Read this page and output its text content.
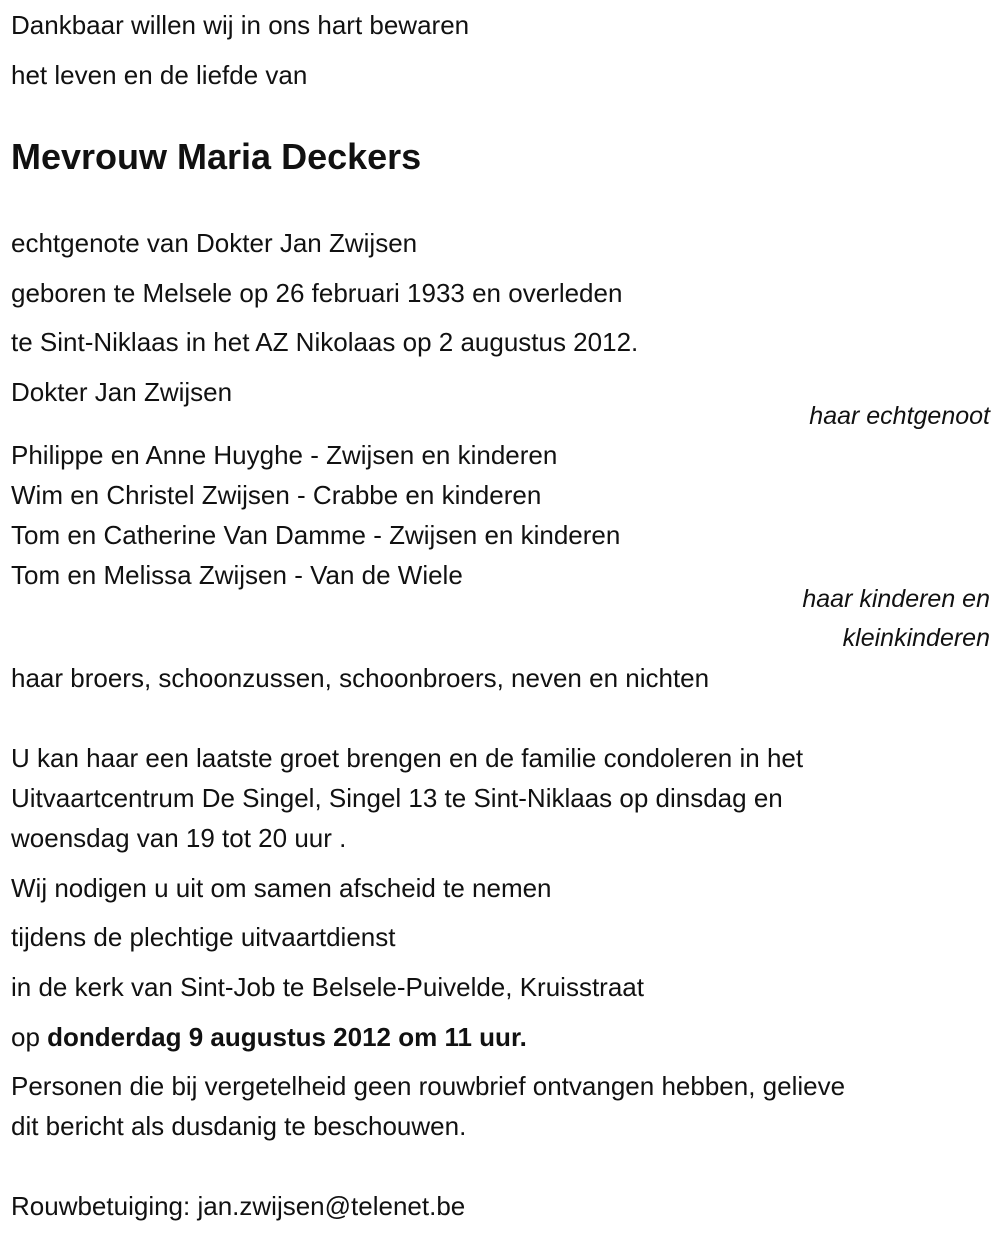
Dankbaar willen wij in ons hart bewaren
het leven en de liefde van
Mevrouw Maria Deckers
echtgenote van Dokter Jan Zwijsen
geboren te Melsele op 26 februari 1933 en overleden
te Sint-Niklaas in het AZ Nikolaas op 2 augustus 2012.
Dokter Jan Zwijsen
haar echtgenoot
Philippe en Anne Huyghe - Zwijsen en kinderen
Wim en Christel Zwijsen - Crabbe en kinderen
Tom en Catherine Van Damme - Zwijsen en kinderen
Tom en Melissa Zwijsen - Van de Wiele
haar kinderen en
kleinkinderen
haar broers, schoonzussen, schoonbroers, neven en nichten
U kan haar een laatste groet brengen en de familie condoleren in het
Uitvaartcentrum De Singel, Singel 13 te Sint-Niklaas op dinsdag en
woensdag van 19 tot 20 uur .
Wij nodigen u uit om samen afscheid te nemen
tijdens de plechtige uitvaartdienst
in de kerk van Sint-Job te Belsele-Puivelde, Kruisstraat
op donderdag 9 augustus 2012 om 11 uur.
Personen die bij vergetelheid geen rouwbrief ontvangen hebben, gelieve
dit bericht als dusdanig te beschouwen.
Rouwbetuiging: jan.zwijsen@telenet.be
